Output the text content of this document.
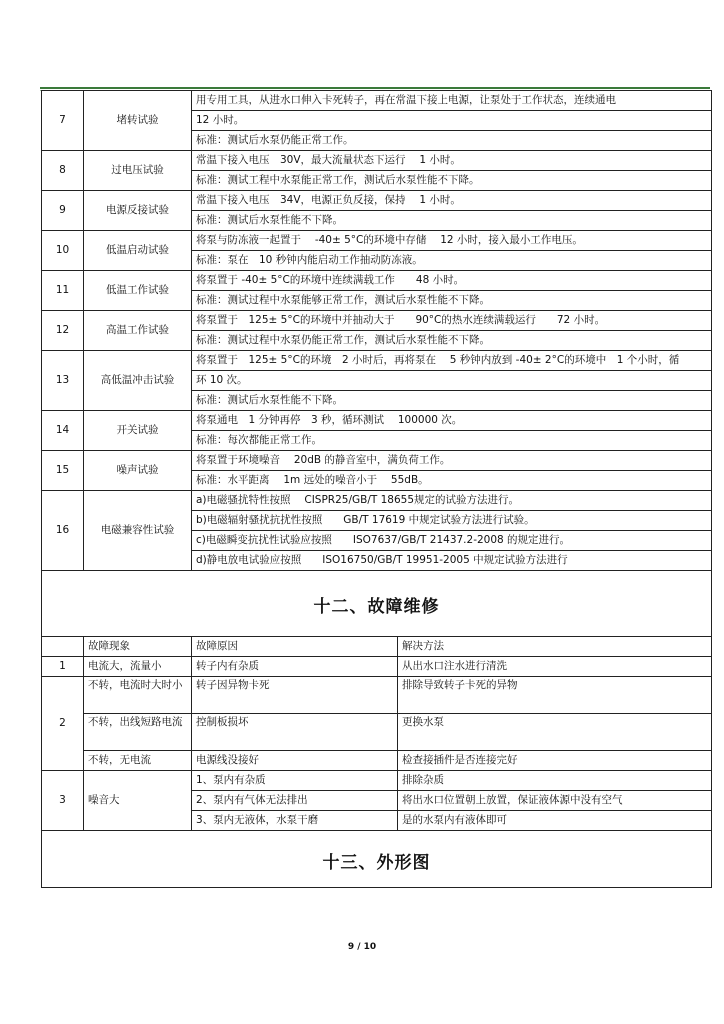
7	堵转试验	用专用工具，从进水口伸入卡死转子，再在常温下接上电源，让泵处于工作状态，连续通电
		12 小时。
		标准：测试后水泵仍能正常工作。
8	过电压试验	常温下接入电压　30V，最大流量状态下运行　 1 小时。
		标准：测试工程中水泵能正常工作，测试后水泵性能不下降。
9	电源反接试验	常温下接入电压　34V，电源正负反接，保持　 1 小时。
		标准：测试后水泵性能不下降。
10	低温启动试验	将泵与防冻液一起置于　 -40± 5°C的环境中存储　 12 小时，接入最小工作电压。
		标准：泵在　10 秒钟内能启动工作抽动防冻液。
11	低温工作试验	将泵置于 -40± 5°C的环境中连续满载工作　　48 小时。
		标准：测试过程中水泵能够正常工作，测试后水泵性能不下降。
12	高温工作试验	将泵置于　125± 5°C的环境中并抽动大于　　90°C的热水连续满载运行　　72 小时。
		标准：测试过程中水泵仍能正常工作，测试后水泵性能不下降。
13	高低温冲击试验	将泵置于　125± 5°C的环境　2 小时后，再将泵在　 5 秒钟内放到 -40± 2°C的环境中　1 个小时，循
		环 10 次。
		标准：测试后水泵性能不下降。
14	开关试验	将泵通电　1 分钟再停　3 秒，循环测试　 100000 次。
		标准：每次都能正常工作。
15	噪声试验	将泵置于环境噪音　 20dB 的静音室中，满负荷工作。
		标准：水平距离　 1m 远处的噪音小于　 55dB。
16	电磁兼容性试验	a)电磁骚扰特性按照　 CISPR25/GB/T 18655规定的试验方法进行。
		b)电磁辐射骚扰抗扰性按照　　GB/T 17619 中规定试验方法进行试验。
		c)电磁瞬变抗扰性试验应按照　　ISO7637/GB/T 21437.2-2008 的规定进行。
		d)静电放电试验应按照　　ISO16750/GB/T 19951-2005 中规定试验方法进行
十二、故障维修			
	故障现象	故障原因	解决方法
1	电流大，流量小	转子内有杂质	从出水口注水进行清洗
2	不转，电流时大时小	转子因异物卡死	排除导致转子卡死的异物
	不转，出线短路电流	控制板损坏	更换水泵
	不转，无电流	电源线没接好	检查接插件是否连接完好
3	噪音大	1、泵内有杂质	排除杂质
		2、泵内有气体无法排出	将出水口位置朝上放置，保证液体源中没有空气
		3、泵内无液体，水泵干磨	是的水泵内有液体即可
十三、外形图			
9 / 10
